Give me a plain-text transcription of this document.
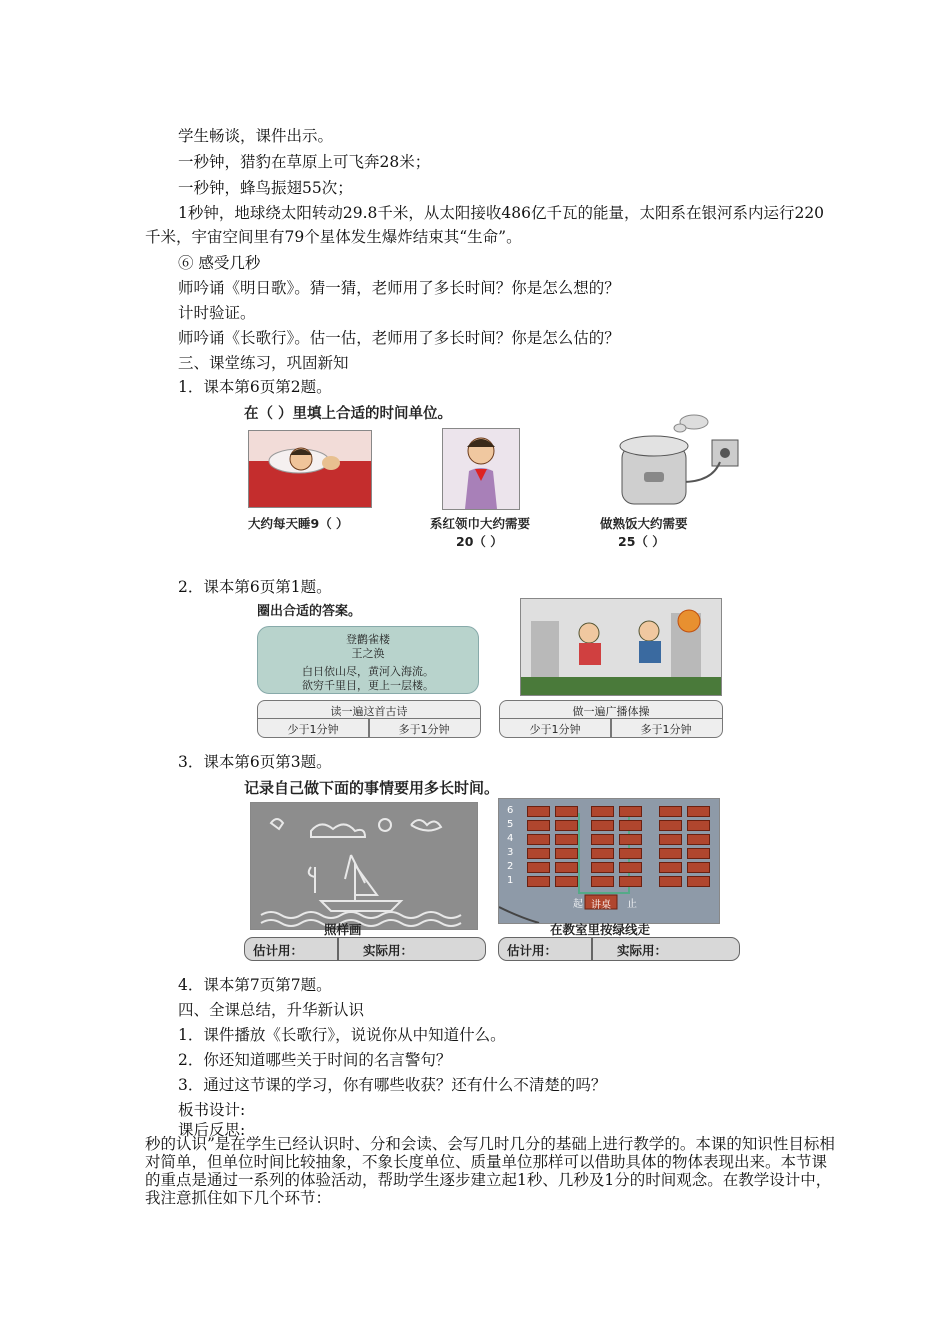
学生畅谈，课件出示。
一秒钟，猎豹在草原上可飞奔28米；
一秒钟，蜂鸟振翅55次；
1秒钟，地球绕太阳转动29.8千米，从太阳接收486亿千瓦的能量，太阳系在银河系内运行220千米，宇宙空间里有79个星体发生爆炸结束其“生命”。
⑥ 感受几秒
师吟诵《明日歌》。猜一猜，老师用了多长时间？你是怎么想的？
计时验证。
师吟诵《长歌行》。估一估，老师用了多长时间？你是怎么估的？
三、课堂练习，巩固新知
1．课本第6页第2题。
在（ ）里填上合适的时间单位。
大约每天睡9（ ）	系红领巾大约需要
20（ ）
做熟饭大约需要
25（ ）
2．课本第6页第1题。
圈出合适的答案。
登鹳雀楼
王之涣
白日依山尽，黄河入海流。
欲穷千里目，更上一层楼。
读一遍这首古诗
少于1分钟	多于1分钟
做一遍广播体操
少于1分钟	多于1分钟
3．课本第6页第3题。
记录自己做下面的事情要用多长时间。
6
5
4
3
2
1
讲桌
起	止
照样画	在教室里按绿线走
估计用：	实际用：	估计用：	实际用：
4．课本第7页第7题。
四、全课总结，升华新认识
1．课件播放《长歌行》，说说你从中知道什么。
2．你还知道哪些关于时间的名言警句？
3．通过这节课的学习，你有哪些收获？还有什么不清楚的吗？
板书设计:
课后反思:
秒的认识”是在学生已经认识时、分和会读、会写几时几分的基础上进行教学的。本课的知识性目标相对简单，但单位时间比较抽象，不象长度单位、质量单位那样可以借助具体的物体表现出来。本节课的重点是通过一系列的体验活动，帮助学生逐步建立起1秒、几秒及1分的时间观念。在教学设计中，我注意抓住如下几个环节：
